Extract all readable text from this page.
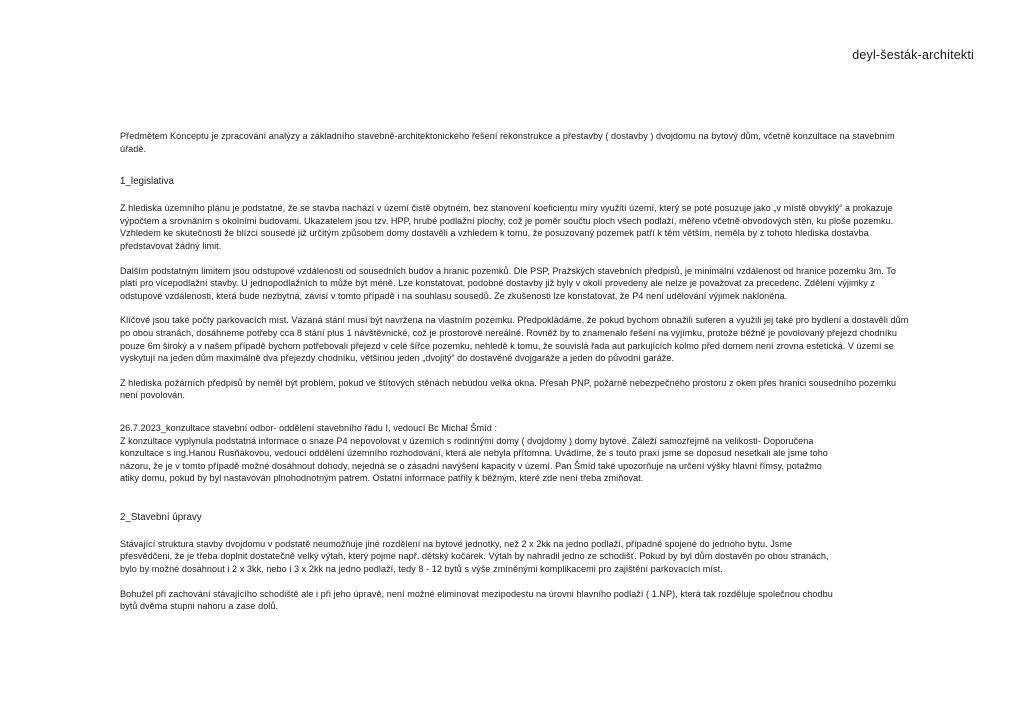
deyl-šesták-architekti

Předmětem Konceptu je zpracování analýzy a základního stavebně-architektonického řešení rekonstrukce a přestavby ( dostavby ) dvojdomu na bytový dům, včetně konzultace na stavebním úřadě.

1_legislativa

Z hlediska územního plánu je podstatné, že se stavba nachází v území čistě obytném, bez stanovení koeficientu míry využití území, který se poté posuzuje jako „v místě obvyklý“ a prokazuje výpočtem a srovnáním s okolními budovami. Ukazatelem jsou tzv. HPP, hrubé podlažní plochy, což je poměr součtu ploch všech podlaží, měřeno včetně obvodových stěn, ku ploše pozemku. Vzhledem ke skutečnosti že blízcí sousedé již určitým způsobem domy dostavěli a vzhledem k tomu, že posuzovaný pozemek patří k těm větším, neměla by z tohoto hlediska dostavba představovat žádný limit.

Dalším podstatným limitem jsou odstupové vzdálenosti od sousedních budov a hranic pozemků. Dle PSP, Pražských stavebních předpisů, je minimální vzdálenost od hranice pozemku 3m. To platí pro vícepodlažní stavby. U jednopodlažních to může být méně. Lze konstatovat, podobné dostavby již byly v okolí provedeny ale nelze je považovat za precedenc. Zdělení výjimky z odstupové vzdálenosti, která bude nezbytná, závisí v tomto případě i na souhlasu sousedů. Ze zkušenosti lze konstatovat, že P4 není udělování výjimek nakloněna.

Klíčové jsou také počty parkovacích míst. Vázaná stání musí být navržena na vlastním pozemku. Předpokládáme, že pokud bychom obnažili suteren a využili jej také pro bydlení a dostavěli dům po obou stranách, dosáhneme potřeby cca 8 stání plus 1 návštěvnické, což je prostorově nereálné. Rovněž by to znamenalo řešení na vyjímku, protože běžně je povolovaný přejezd chodníku pouze 6m široký a v našem případě bychom potřebovali přejezd v celé šířce pozemku, nehledě k tomu, že souvislá řada aut parkujících kolmo před domem není zrovna estetická. V území se vyskytují na jeden dům maximálně dva přejezdy chodníku, většinou jeden „dvojitý“ do dostavěné dvojgaráže a jeden do původní garáže.

Z hlediska požárních předpisů by neměl být problém, pokud ve štítových stěnách nebudou velká okna. Přesah PNP, požárně nebezpečného prostoru z oken přes hranici sousedního pozemku není povolován.

26.7.2023_konzultace stavební odbor- oddělení stavebního řádu I, vedoucí Bc Michal Šmíd :

Z konzultace vyplynula podstatná informace o snaze P4 nepovolovat v územích s rodinnými domy ( dvojdomy ) domy bytové. Záleží samozřejmě na velikosti- Doporučena

konzultace s ing.Hanou Rusňákovou, vedoucí oddělení územního rozhodování, která ale nebyla přítomna. Uvádíme, že s touto praxí jsme se doposud nesetkali ale jsme toho

názoru, že je v tomto případě možné dosáhnout dohody, nejedná se o zásadní navýšení kapacity v území. Pan Šmíd také upozorňuje na určení výšky hlavní římsy, potažmo

atiky domu, pokud by byl nastavován plnohodnotným patrem. Ostatní informace patřily k běžným, které zde není třeba zmiňovat.

2_Stavební úpravy

Stávající struktura stavby dvojdomu v podstatě neumožňuje jiné rozdělení na bytové jednotky, než 2 x 2kk na jedno podlaží, případně spojené do jednoho bytu. Jsme

přesvědčeni, že je třeba doplnit dostatečně velký výtah, který pojme např. dětský kočárek. Výtah by nahradil jedno ze schodišť. Pokud by byl dům dostavěn po obou stranách,

bylo by možné dosáhnout i 2 x 3kk, nebo i 3 x 2kk na jedno podlaží, tedy 8 - 12 bytů s výše zmíněnými komplikacemi pro zajištění parkovacích míst.

Bohužel při zachování stávajícího schodiště ale i při jeho úpravě, není možné eliminovat mezipodestu na úrovni hlavního podlaží ( 1.NP), která tak rozděluje společnou chodbu

bytů dvěma stupni nahoru a zase dolů.
